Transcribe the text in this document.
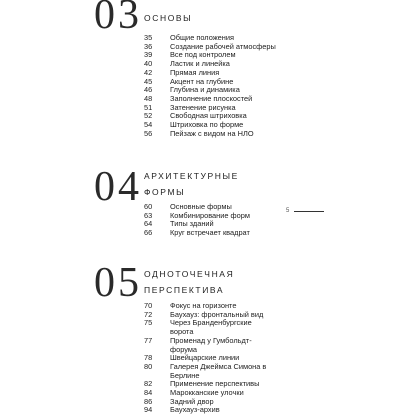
03 ОСНОВЫ
35	Общие положения
36	Создание рабочей атмосферы
39	Все под контролем
40	Ластик и линейка
42	Прямая линия
45	Акцент на глубине
46	Глубина и динамика
48	Заполнение плоскостей
51	Затенение рисунка
52	Свободная штриховка
54	Штриховка по форме
56	Пейзаж с видом на НЛО
04 АРХИТЕКТУРНЫЕ ФОРМЫ
60	Основные формы
63	Комбинирование форм
64	Типы зданий
66	Круг встречает квадрат
5
05 ОДНОТОЧЕЧНАЯ ПЕРСПЕКТИВА
70	Фокус на горизонте
72	Баухауз: фронтальный вид
75	Через Бранденбургские ворота
77	Променад у Гумбольдт-форума
78	Швейцарские линии
80	Галерея Джеймса Симона в Берлине
82	Применение перспективы
84	Марокканские улочки
86	Задний двор
94	Баухауз-архив
